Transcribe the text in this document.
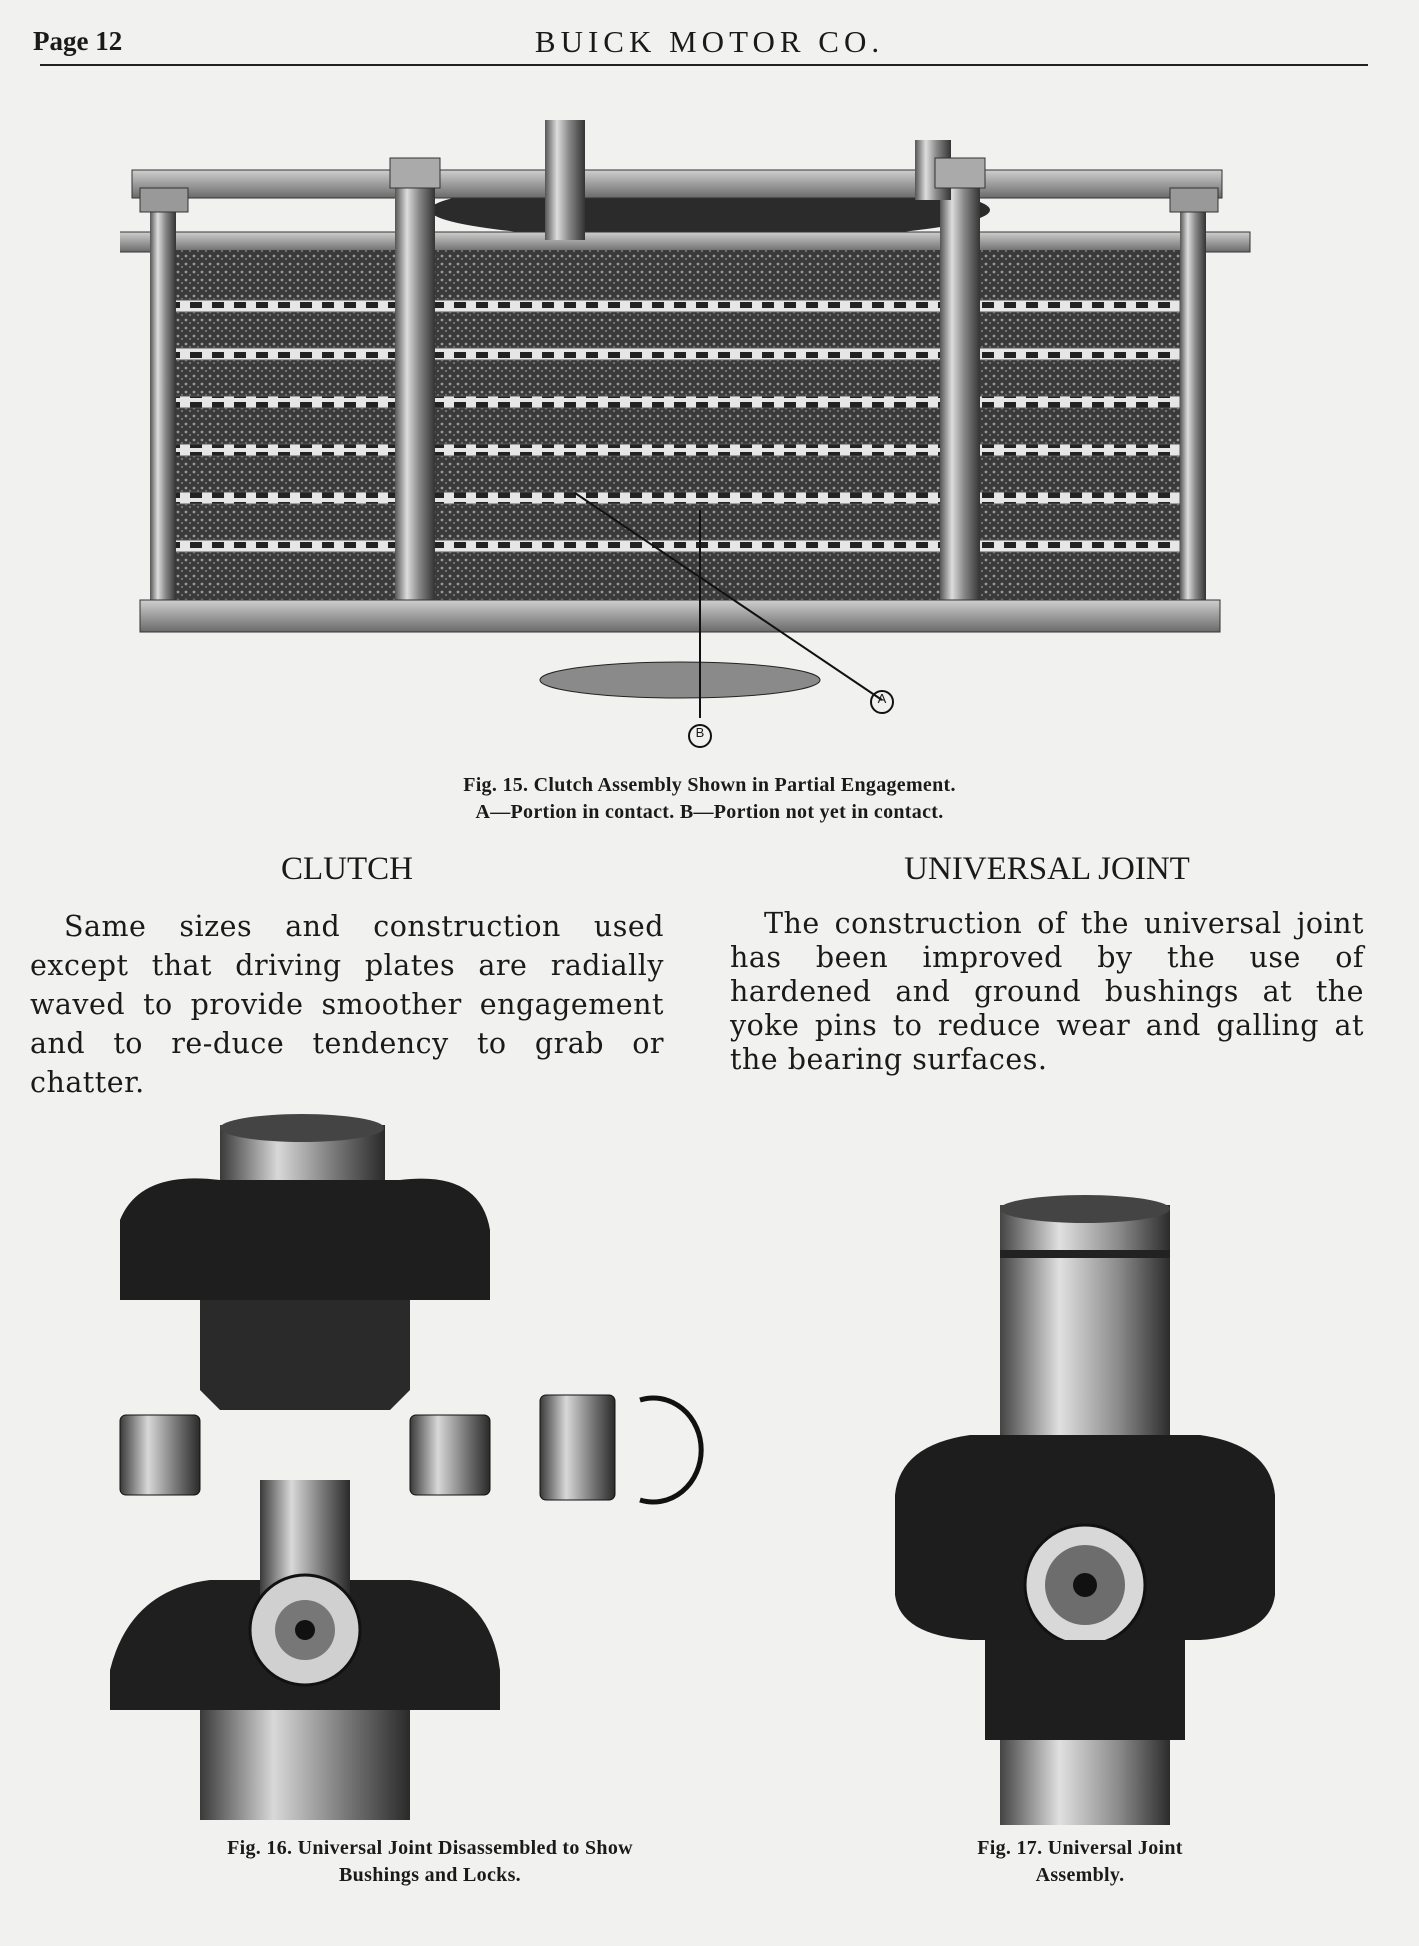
Page 12	BUICK MOTOR CO.
A
B
Fig. 15. Clutch Assembly Shown in Partial Engagement.
A—Portion in contact. B—Portion not yet in contact.
CLUTCH
Same sizes and construction used except that driving plates are radially waved to provide smoother engagement and to re-duce tendency to grab or chatter.
UNIVERSAL JOINT
The construction of the universal joint has been improved by the use of hardened and ground bushings at the yoke pins to reduce wear and galling at the bearing surfaces.
Fig. 16. Universal Joint Disassembled to Show
Bushings and Locks.
Fig. 17. Universal Joint
Assembly.
